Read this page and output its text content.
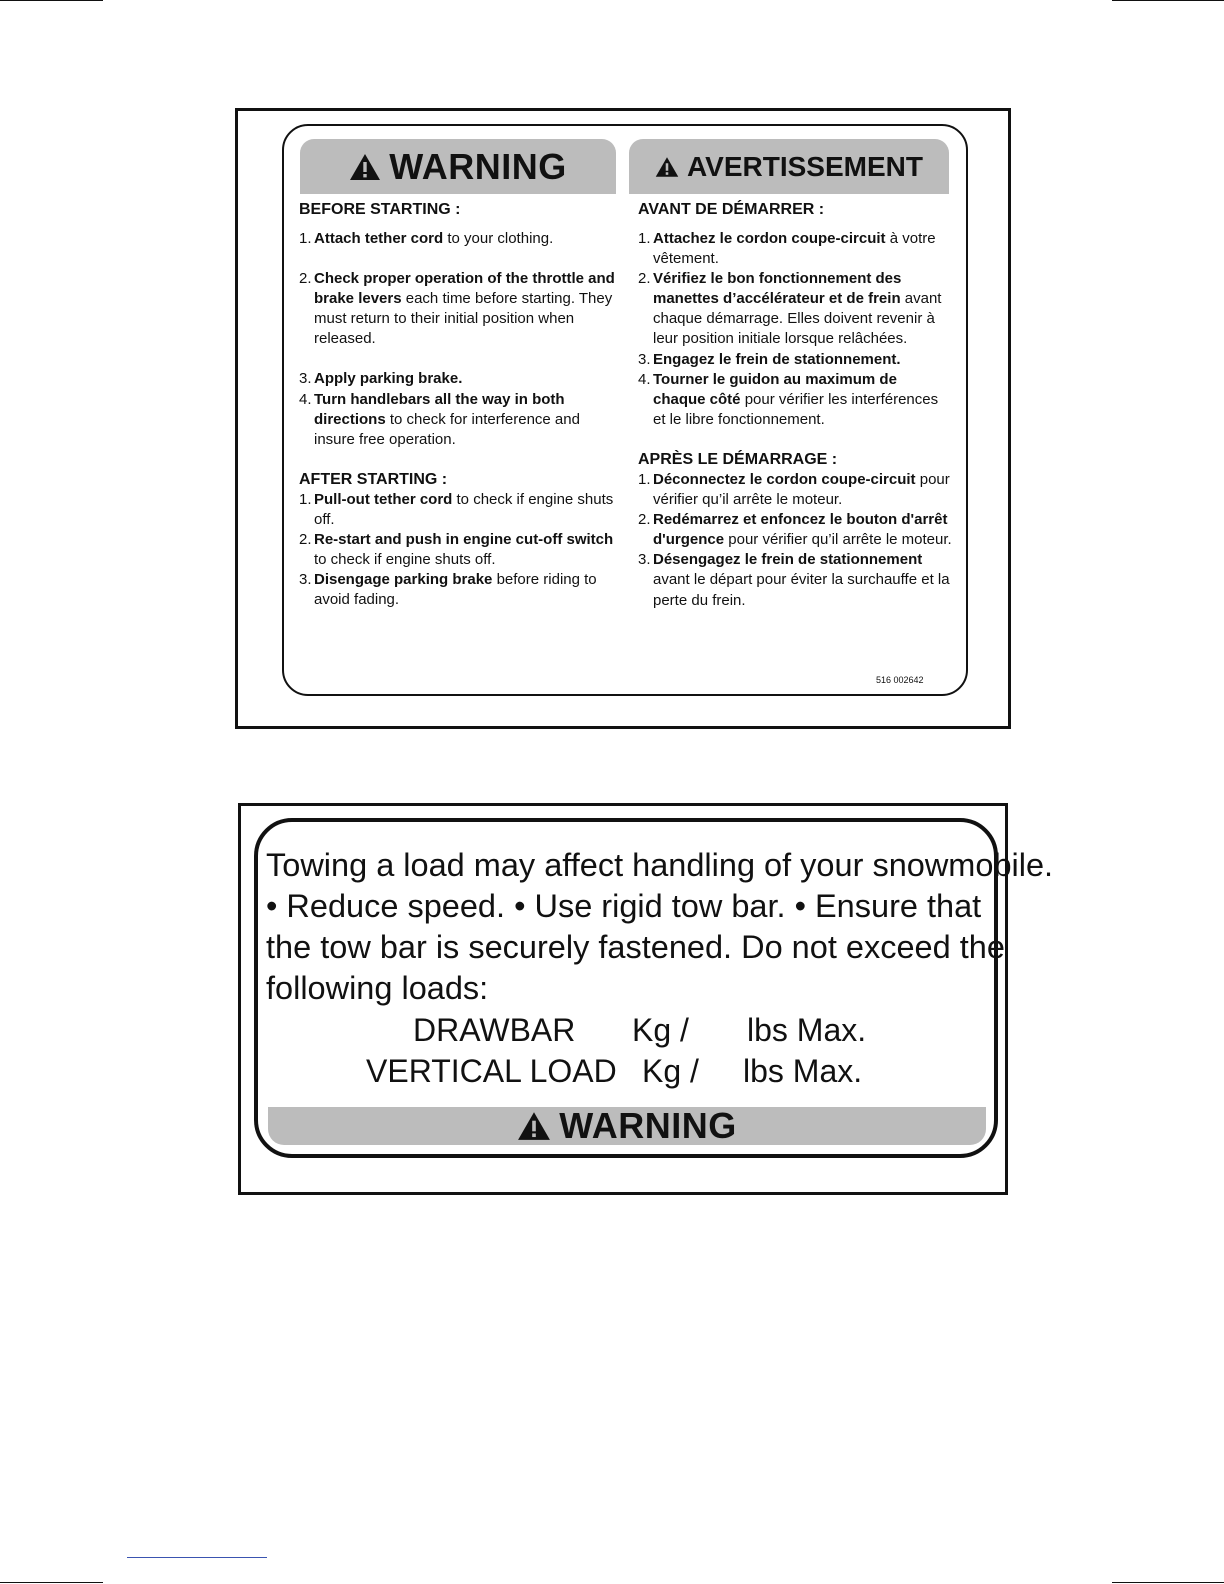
WARNING	AVERTISSEMENT
BEFORE STARTING :
1. Attach tether cord to your clothing.
2. Check proper operation of the throttle and brake levers each time before starting. They must return to their initial position when released.
3. Apply parking brake.
4. Turn handlebars all the way in both directions to check for interference and insure free operation.
AFTER STARTING :
1. Pull-out tether cord to check if engine shuts off.
2. Re-start and push in engine cut-off switch to check if engine shuts off.
3. Disengage parking brake before riding to avoid fading.
AVANT DE DÉMARRER :
1. Attachez le cordon coupe-circuit à votre vêtement.
2. Vérifiez le bon fonctionnement des manettes d’accélérateur et de frein avant chaque démarrage. Elles doivent revenir à leur position initiale lorsque relâchées.
3. Engagez le frein de stationnement.
4. Tourner le guidon au maximum de chaque côté pour vérifier les interférences et le libre fonctionnement.
APRÈS LE DÉMARRAGE :
1. Déconnectez le cordon coupe-circuit pour vérifier qu’il arrête le moteur.
2. Redémarrez et enfoncez le bouton d'arrêt d'urgence pour vérifier qu’il arrête le moteur.
3. Désengagez le frein de stationnement avant le départ pour éviter la surchauffe et la perte du frein.
516 002642
Towing a load may affect handling of your snowmobile.
• Reduce speed. • Use rigid tow bar. • Ensure that
the tow bar is securely fastened. Do not exceed the
following loads:
DRAWBAR Kg / lbs Max.
VERTICAL LOAD Kg / lbs Max.
WARNING
